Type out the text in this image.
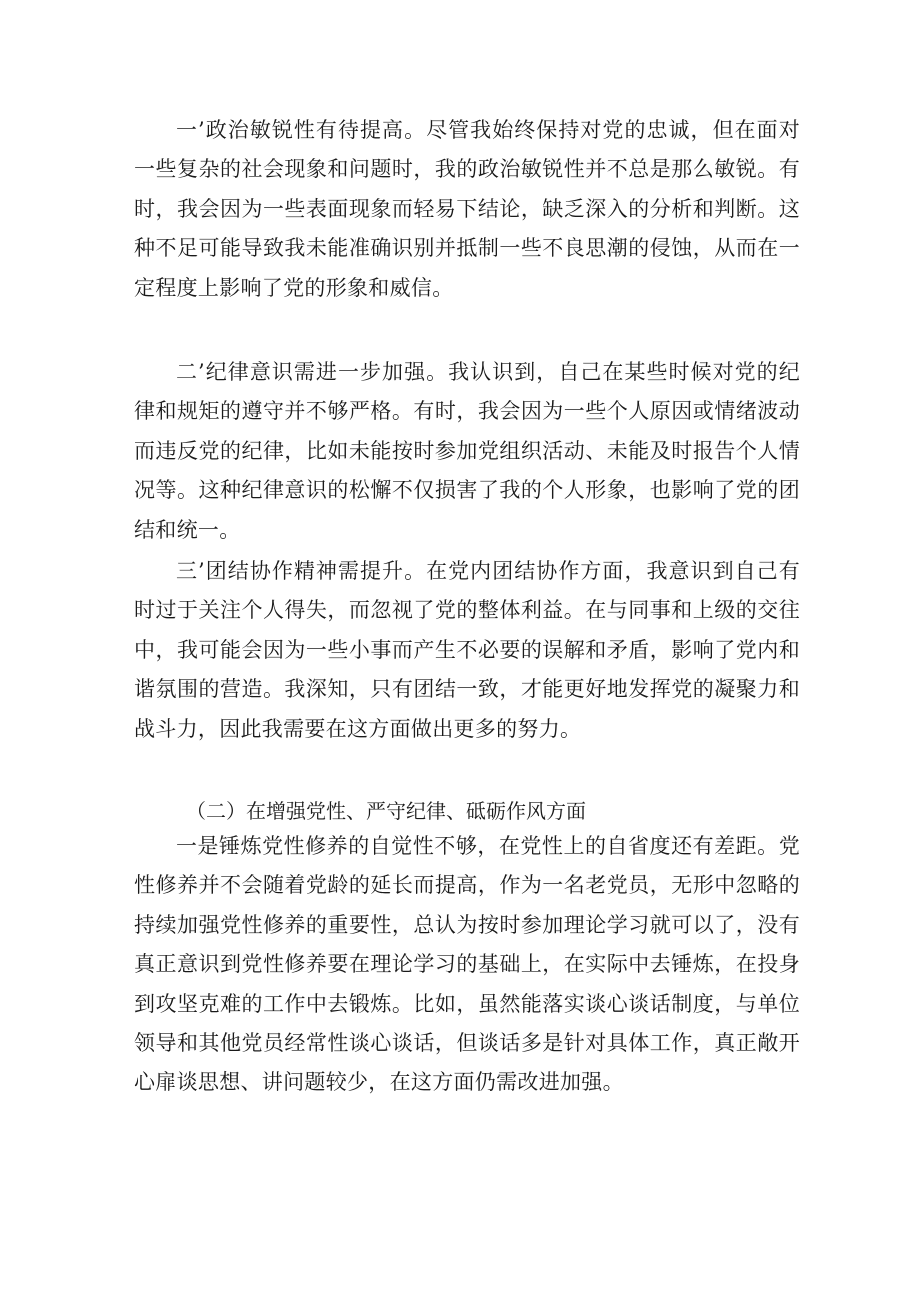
一’政治敏锐性有待提高。尽管我始终保持对党的忠诚，但在面对一些复杂的社会现象和问题时，我的政治敏锐性并不总是那么敏锐。有时，我会因为一些表面现象而轻易下结论，缺乏深入的分析和判断。这种不足可能导致我未能准确识别并抵制一些不良思潮的侵蚀，从而在一定程度上影响了党的形象和威信。

二’纪律意识需进一步加强。我认识到，自己在某些时候对党的纪律和规矩的遵守并不够严格。有时，我会因为一些个人原因或情绪波动而违反党的纪律，比如未能按时参加党组织活动、未能及时报告个人情况等。这种纪律意识的松懈不仅损害了我的个人形象，也影响了党的团结和统一。

三’团结协作精神需提升。在党内团结协作方面，我意识到自己有时过于关注个人得失，而忽视了党的整体利益。在与同事和上级的交往中，我可能会因为一些小事而产生不必要的误解和矛盾，影响了党内和谐氛围的营造。我深知，只有团结一致，才能更好地发挥党的凝聚力和战斗力，因此我需要在这方面做出更多的努力。

（二）在增强党性、严守纪律、砥砺作风方面

一是锤炼党性修养的自觉性不够，在党性上的自省度还有差距。党性修养并不会随着党龄的延长而提高，作为一名老党员，无形中忽略的持续加强党性修养的重要性，总认为按时参加理论学习就可以了，没有真正意识到党性修养要在理论学习的基础上，在实际中去锤炼，在投身到攻坚克难的工作中去锻炼。比如，虽然能落实谈心谈话制度，与单位领导和其他党员经常性谈心谈话，但谈话多是针对具体工作，真正敞开心扉谈思想、讲问题较少，在这方面仍需改进加强。
